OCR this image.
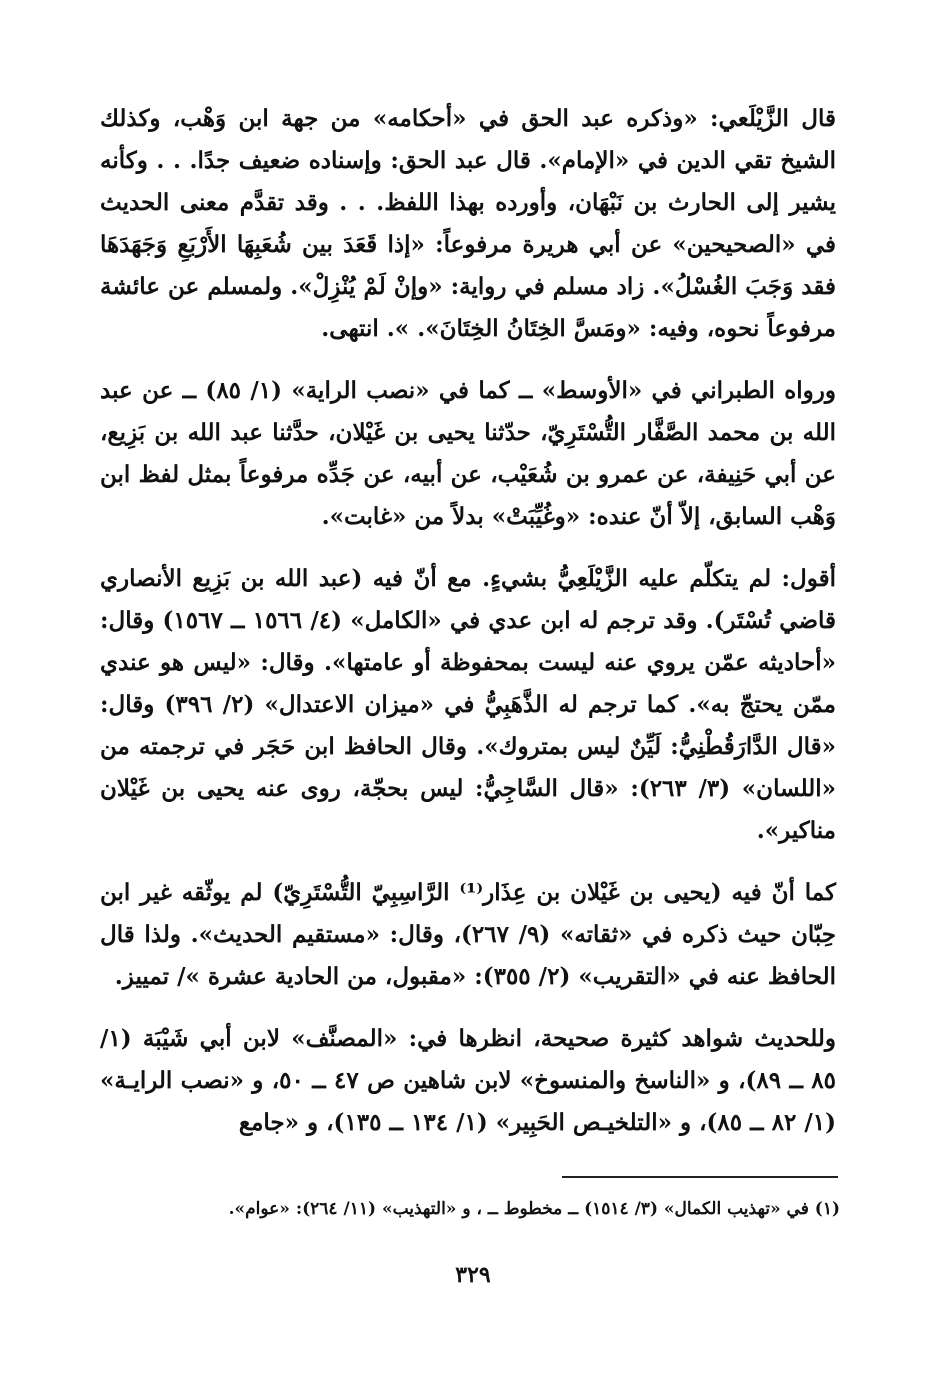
قال الزَّيْلَعي: «وذكره عبد الحق في «أحكامه» من جهة ابن وَهْب، وكذلك الشيخ تقي الدين في «الإمام». قال عبد الحق: وإسناده ضعيف جدًا. . . وكأنه يشير إلى الحارث بن نَبْهَان، وأورده بهذا اللفظ. . . وقد تقدَّم معنى الحديث في «الصحيحين» عن أبي هريرة مرفوعاً: «إذا قَعَدَ بين شُعَبِهَا الأَرْبَعِ وَجَهَدَهَا فقد وَجَبَ الغُسْلُ». زاد مسلم في رواية: «وإنْ لَمْ يُنْزِلْ». ولمسلم عن عائشة مرفوعاً نحوه، وفيه: «ومَسَّ الخِتَانُ الخِتَانَ». ». انتهى.

ورواه الطبراني في «الأوسط» ــ كما في «نصب الراية» (١/ ٨٥) ــ عن عبد الله بن محمد الصَّفَّار التُّسْتَرِيّ، حدّثنا يحيى بن غَيْلان، حدَّثنا عبد الله بن بَزِيع، عن أبي حَنِيفة، عن عمرو بن شُعَيْب، عن أبيه، عن جَدِّه مرفوعاً بمثل لفظ ابن وَهْب السابق، إلاّ أنّ عنده: «وغُيِّبَتْ» بدلاً من «غابت».

أقول: لم يتكلّم عليه الزَّيْلَعِيُّ بشيءٍ. مع أنّ فيه (عبد الله بن بَزِيع الأنصاري قاضي تُسْتَر). وقد ترجم له ابن عدي في «الكامل» (٤/ ١٥٦٦ ــ ١٥٦٧) وقال: «أحاديثه عمّن يروي عنه ليست بمحفوظة أو عامتها». وقال: «ليس هو عندي ممّن يحتجّ به». كما ترجم له الذَّهَبِيُّ في «ميزان الاعتدال» (٢/ ٣٩٦) وقال: «قال الدَّارَقُطْنِيُّ: لَيِّنٌ ليس بمتروك». وقال الحافظ ابن حَجَر في ترجمته من «اللسان» (٣/ ٢٦٣): «قال السَّاجِيُّ: ليس بحجّة، روى عنه يحيى بن غَيْلان مناكير».

كما أنّ فيه (يحيى بن غَيْلان بن عِذَار⁽¹⁾ الرَّاسِبِيّ التُّسْتَرِيّ) لم يوثّقه غير ابن حِبّان حيث ذكره في «ثقاته» (٩/ ٢٦٧)، وقال: «مستقيم الحديث». ولذا قال الحافظ عنه في «التقريب» (٢/ ٣٥٥): «مقبول، من الحادية عشرة »/ تمييز.

وللحديث شواهد كثيرة صحيحة، انظرها في: «المصنَّف» لابن أبي شَيْبَة (١/ ٨٥ ــ ٨٩)، و «الناسخ والمنسوخ» لابن شاهين ص ٤٧ ــ ٥٠، و «نصب الرايـة» (١/ ٨٢ ــ ٨٥)، و «التلخيـص الحَبِير» (١/ ١٣٤ ــ ١٣٥)، و «جامع

(١) في «تهذيب الكمال» (٣/ ١٥١٤) ــ مخطوط ــ ، و «التهذيب» (١١/ ٢٦٤): «عوام».
٣٢٩
